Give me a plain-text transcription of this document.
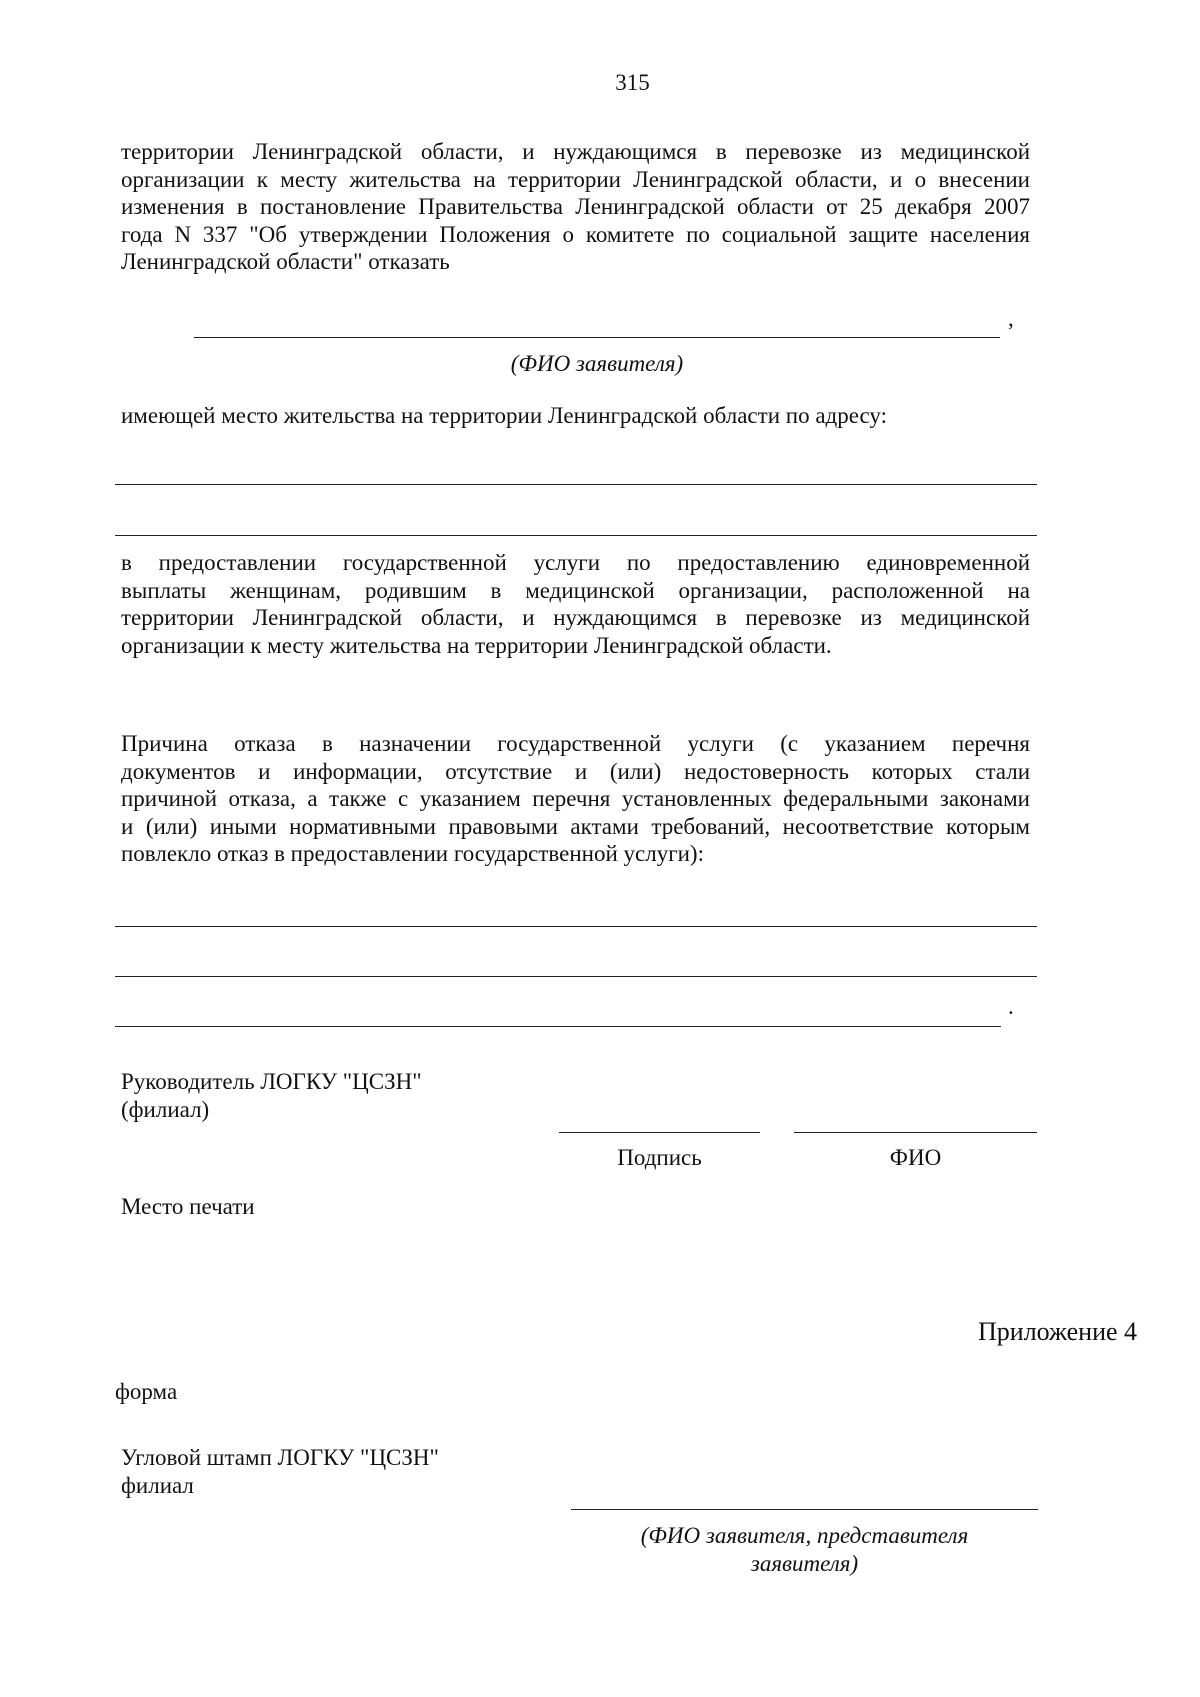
315
территории Ленинградской области, и нуждающимся в перевозке из медицинской
организации к месту жительства на территории Ленинградской области, и о внесении
изменения в постановление Правительства Ленинградской области от 25 декабря 2007
года N 337 "Об утверждении Положения о комитете по социальной защите населения
Ленинградской области" отказать
,
(ФИО заявителя)
имеющей место жительства на территории Ленинградской области по адресу:
в предоставлении государственной услуги по предоставлению единовременной
выплаты женщинам, родившим в медицинской организации, расположенной на
территории Ленинградской области, и нуждающимся в перевозке из медицинской
организации к месту жительства на территории Ленинградской области.
Причина отказа в назначении государственной услуги (с указанием перечня
документов и информации, отсутствие и (или) недостоверность которых стали
причиной отказа, а также с указанием перечня установленных федеральными законами
и (или) иными нормативными правовыми актами требований, несоответствие которым
повлекло отказ в предоставлении государственной услуги):
.
Руководитель ЛОГКУ "ЦСЗН"
(филиал)
Подпись	ФИО
Место печати
Приложение 4
форма
Угловой штамп ЛОГКУ "ЦСЗН"
филиал
(ФИО заявителя, представителя
заявителя)
